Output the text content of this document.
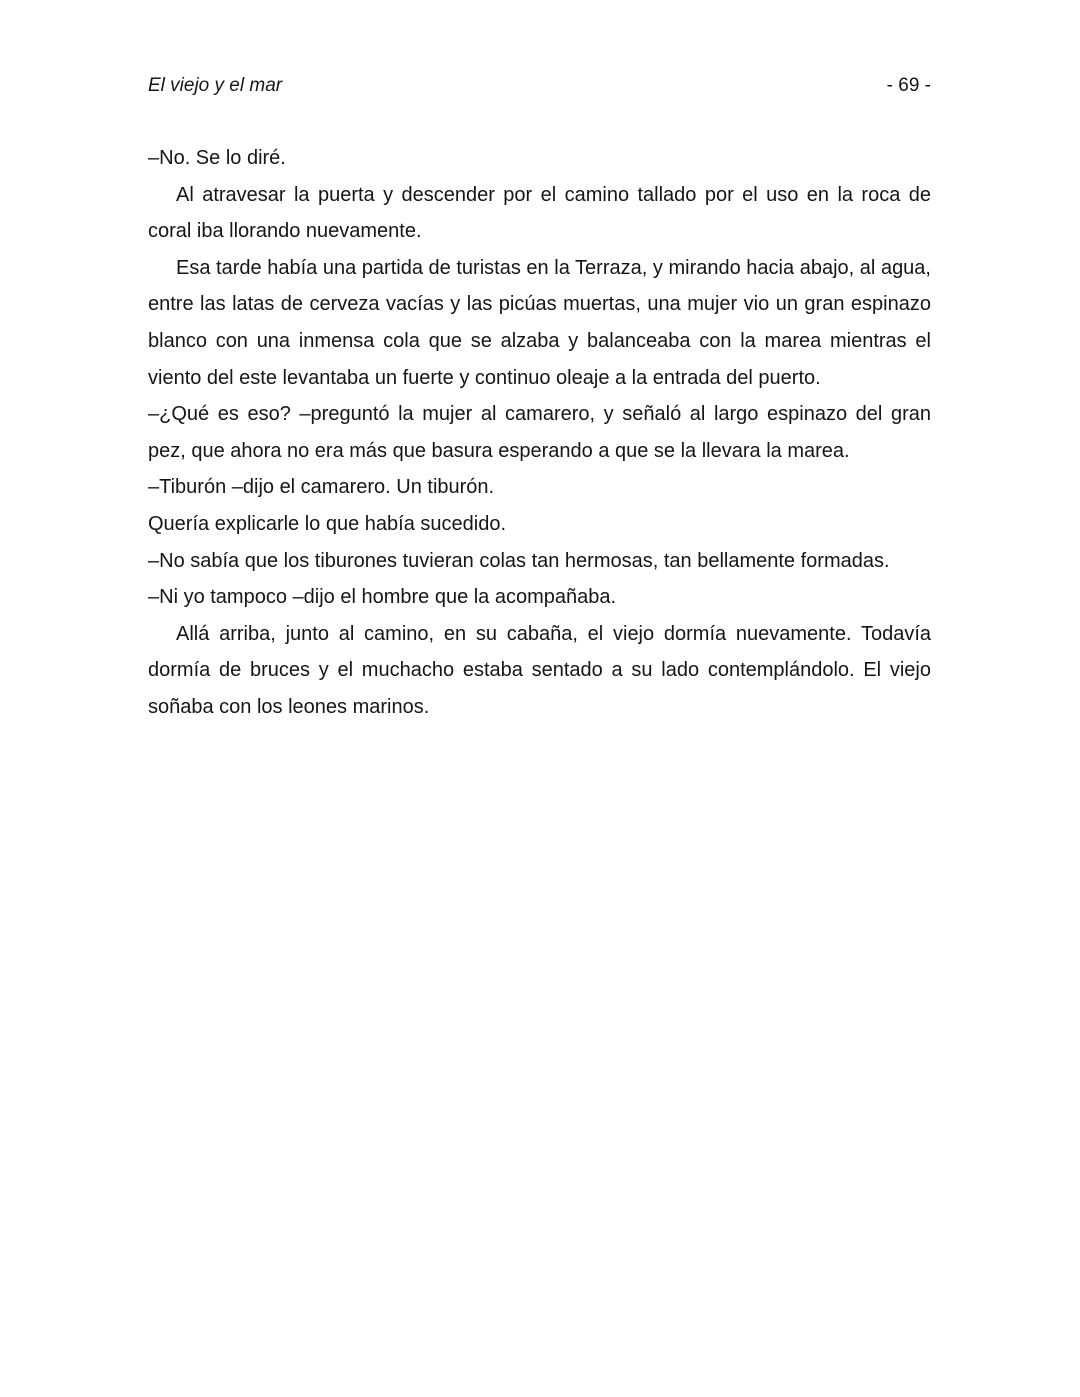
El viejo y el mar	- 69 -

–No. Se lo diré.

Al atravesar la puerta y descender por el camino tallado por el uso en la roca de coral iba llorando nuevamente.

Esa tarde había una partida de turistas en la Terraza, y mirando hacia abajo, al agua, entre las latas de cerveza vacías y las picúas muertas, una mujer vio un gran espinazo blanco con una inmensa cola que se alzaba y balanceaba con la marea mientras el viento del este levantaba un fuerte y continuo oleaje a la entrada del puerto.

–¿Qué es eso? –preguntó la mujer al camarero, y señaló al largo espinazo del gran pez, que ahora no era más que basura esperando a que se la llevara la marea.

–Tiburón –dijo el camarero. Un tiburón.

Quería explicarle lo que había sucedido.

–No sabía que los tiburones tuvieran colas tan hermosas, tan bellamente formadas.

–Ni yo tampoco –dijo el hombre que la acompañaba.

Allá arriba, junto al camino, en su cabaña, el viejo dormía nuevamente. Todavía dormía de bruces y el muchacho estaba sentado a su lado contemplándolo. El viejo soñaba con los leones marinos.
